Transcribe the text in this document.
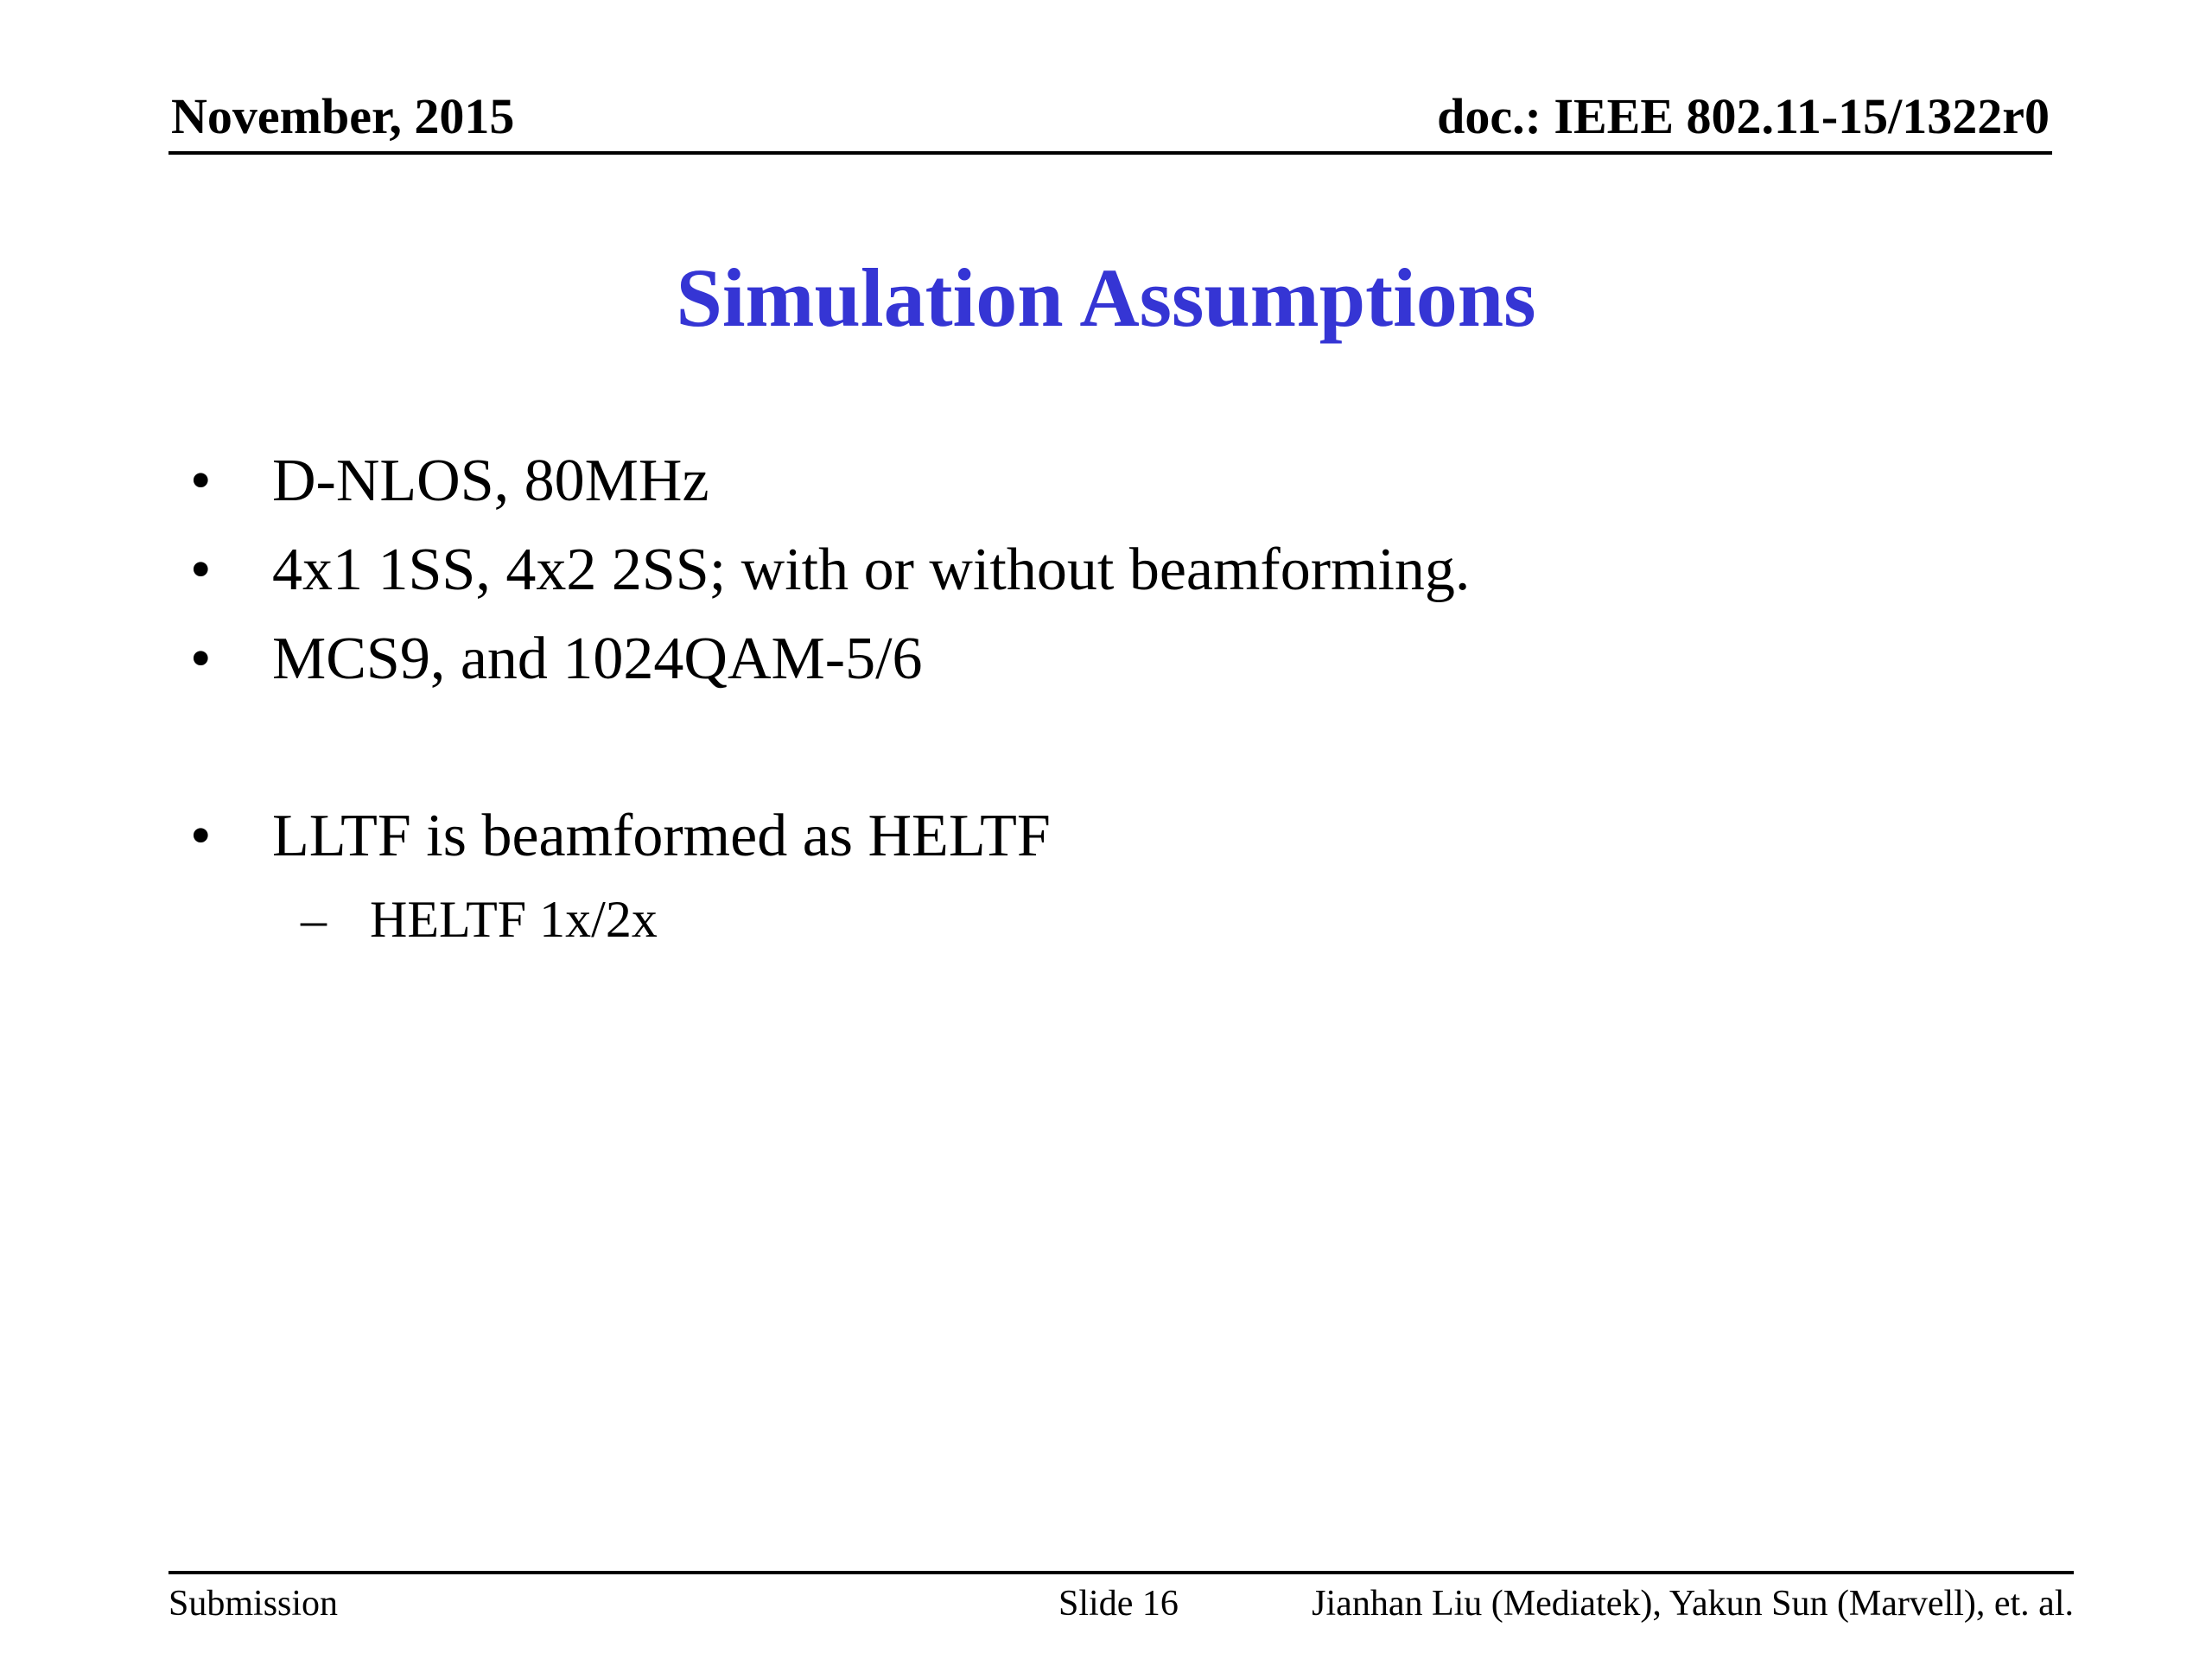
November, 2015	doc.: IEEE 802.11-15/1322r0
Simulation Assumptions
• D-NLOS, 80MHz
• 4x1 1SS, 4x2 2SS; with or without beamforming.
• MCS9, and 1024QAM-5/6
• LLTF is beamformed as HELTF
– HELTF 1x/2x
Submission	Slide 16	Jianhan Liu (Mediatek), Yakun Sun (Marvell), et. al.
